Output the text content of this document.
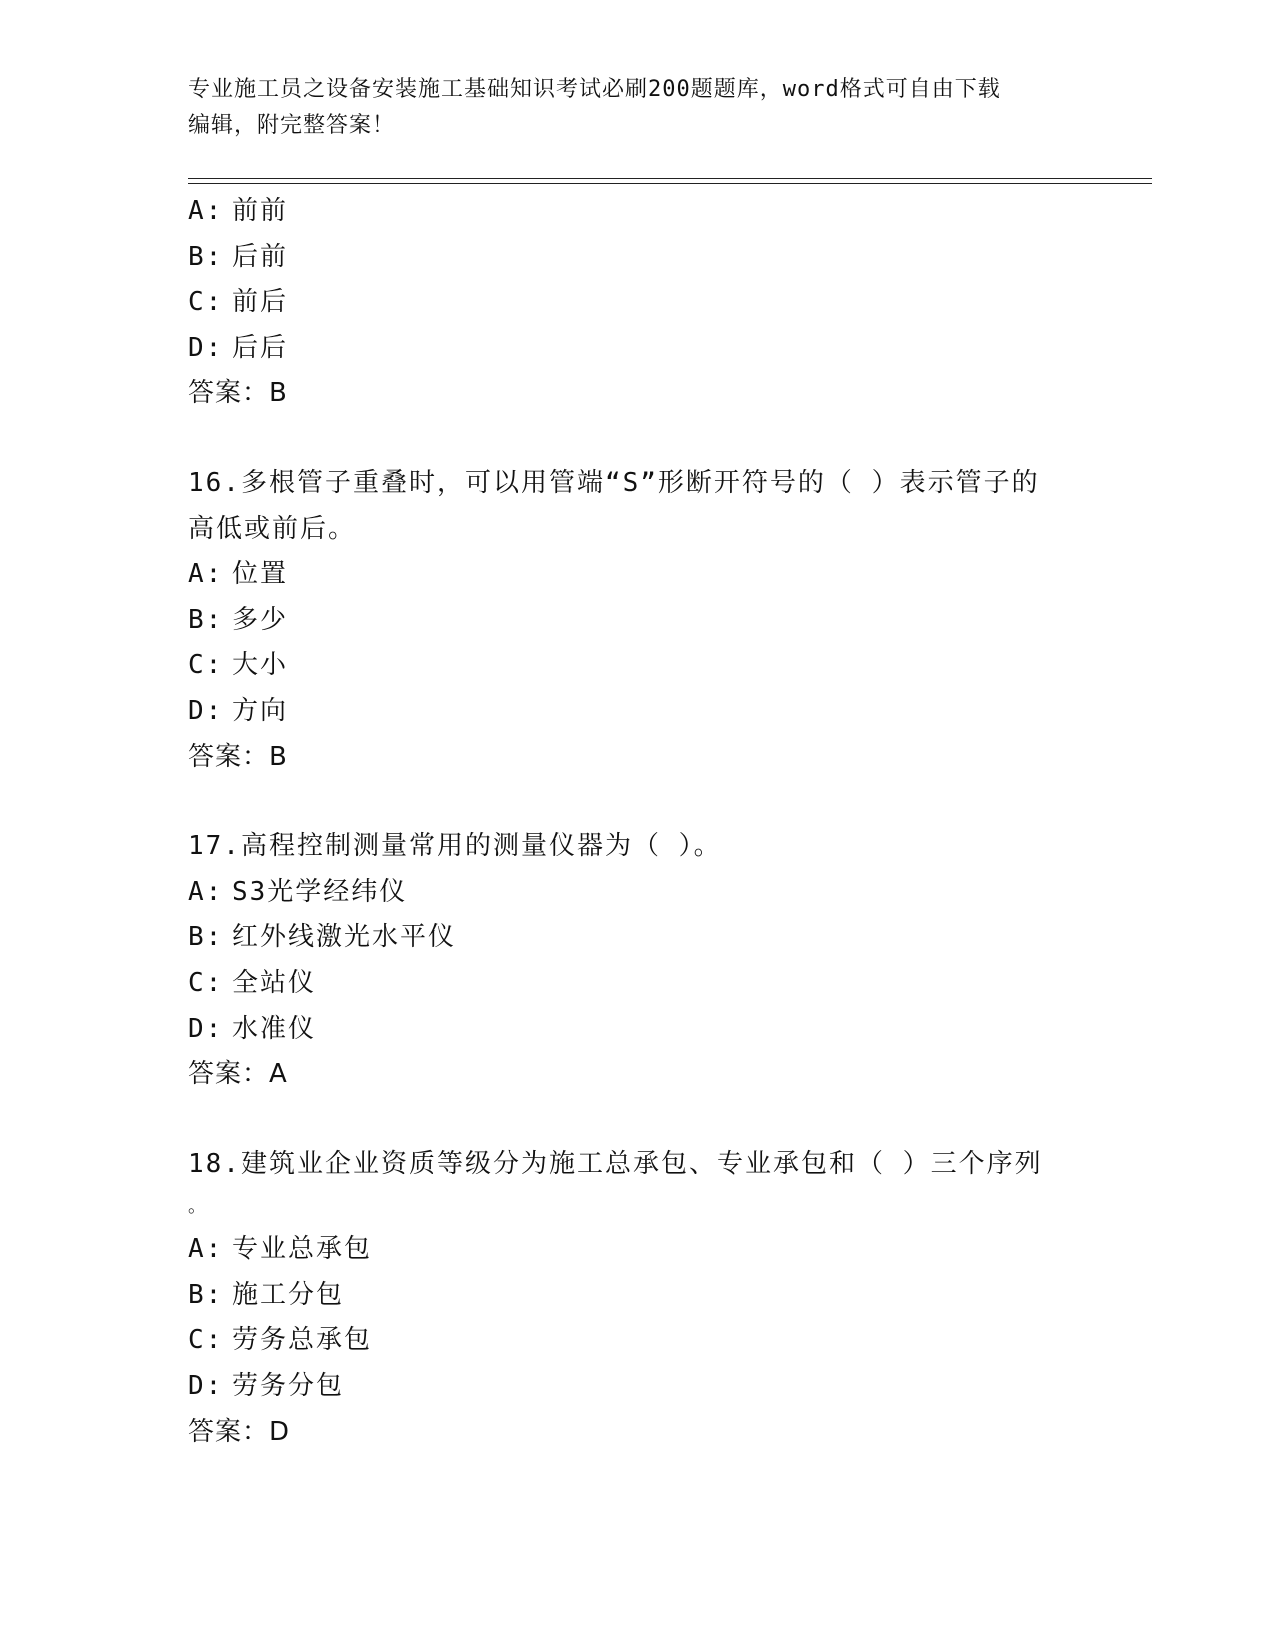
专业施工员之设备安装施工基础知识考试必刷200题题库，word格式可自由下载
编辑，附完整答案！
A: 前前
B: 后前
C: 前后
D: 后后
答案：B
16.多根管子重叠时，可以用管端“S”形断开符号的（ ）表示管子的
高低或前后。
A: 位置
B: 多少
C: 大小
D: 方向
答案：B
17.高程控制测量常用的测量仪器为（ ）。
A: S3光学经纬仪
B: 红外线激光水平仪
C: 全站仪
D: 水准仪
答案：A
18.建筑业企业资质等级分为施工总承包、专业承包和（ ）三个序列
。
A: 专业总承包
B: 施工分包
C: 劳务总承包
D: 劳务分包
答案：D
